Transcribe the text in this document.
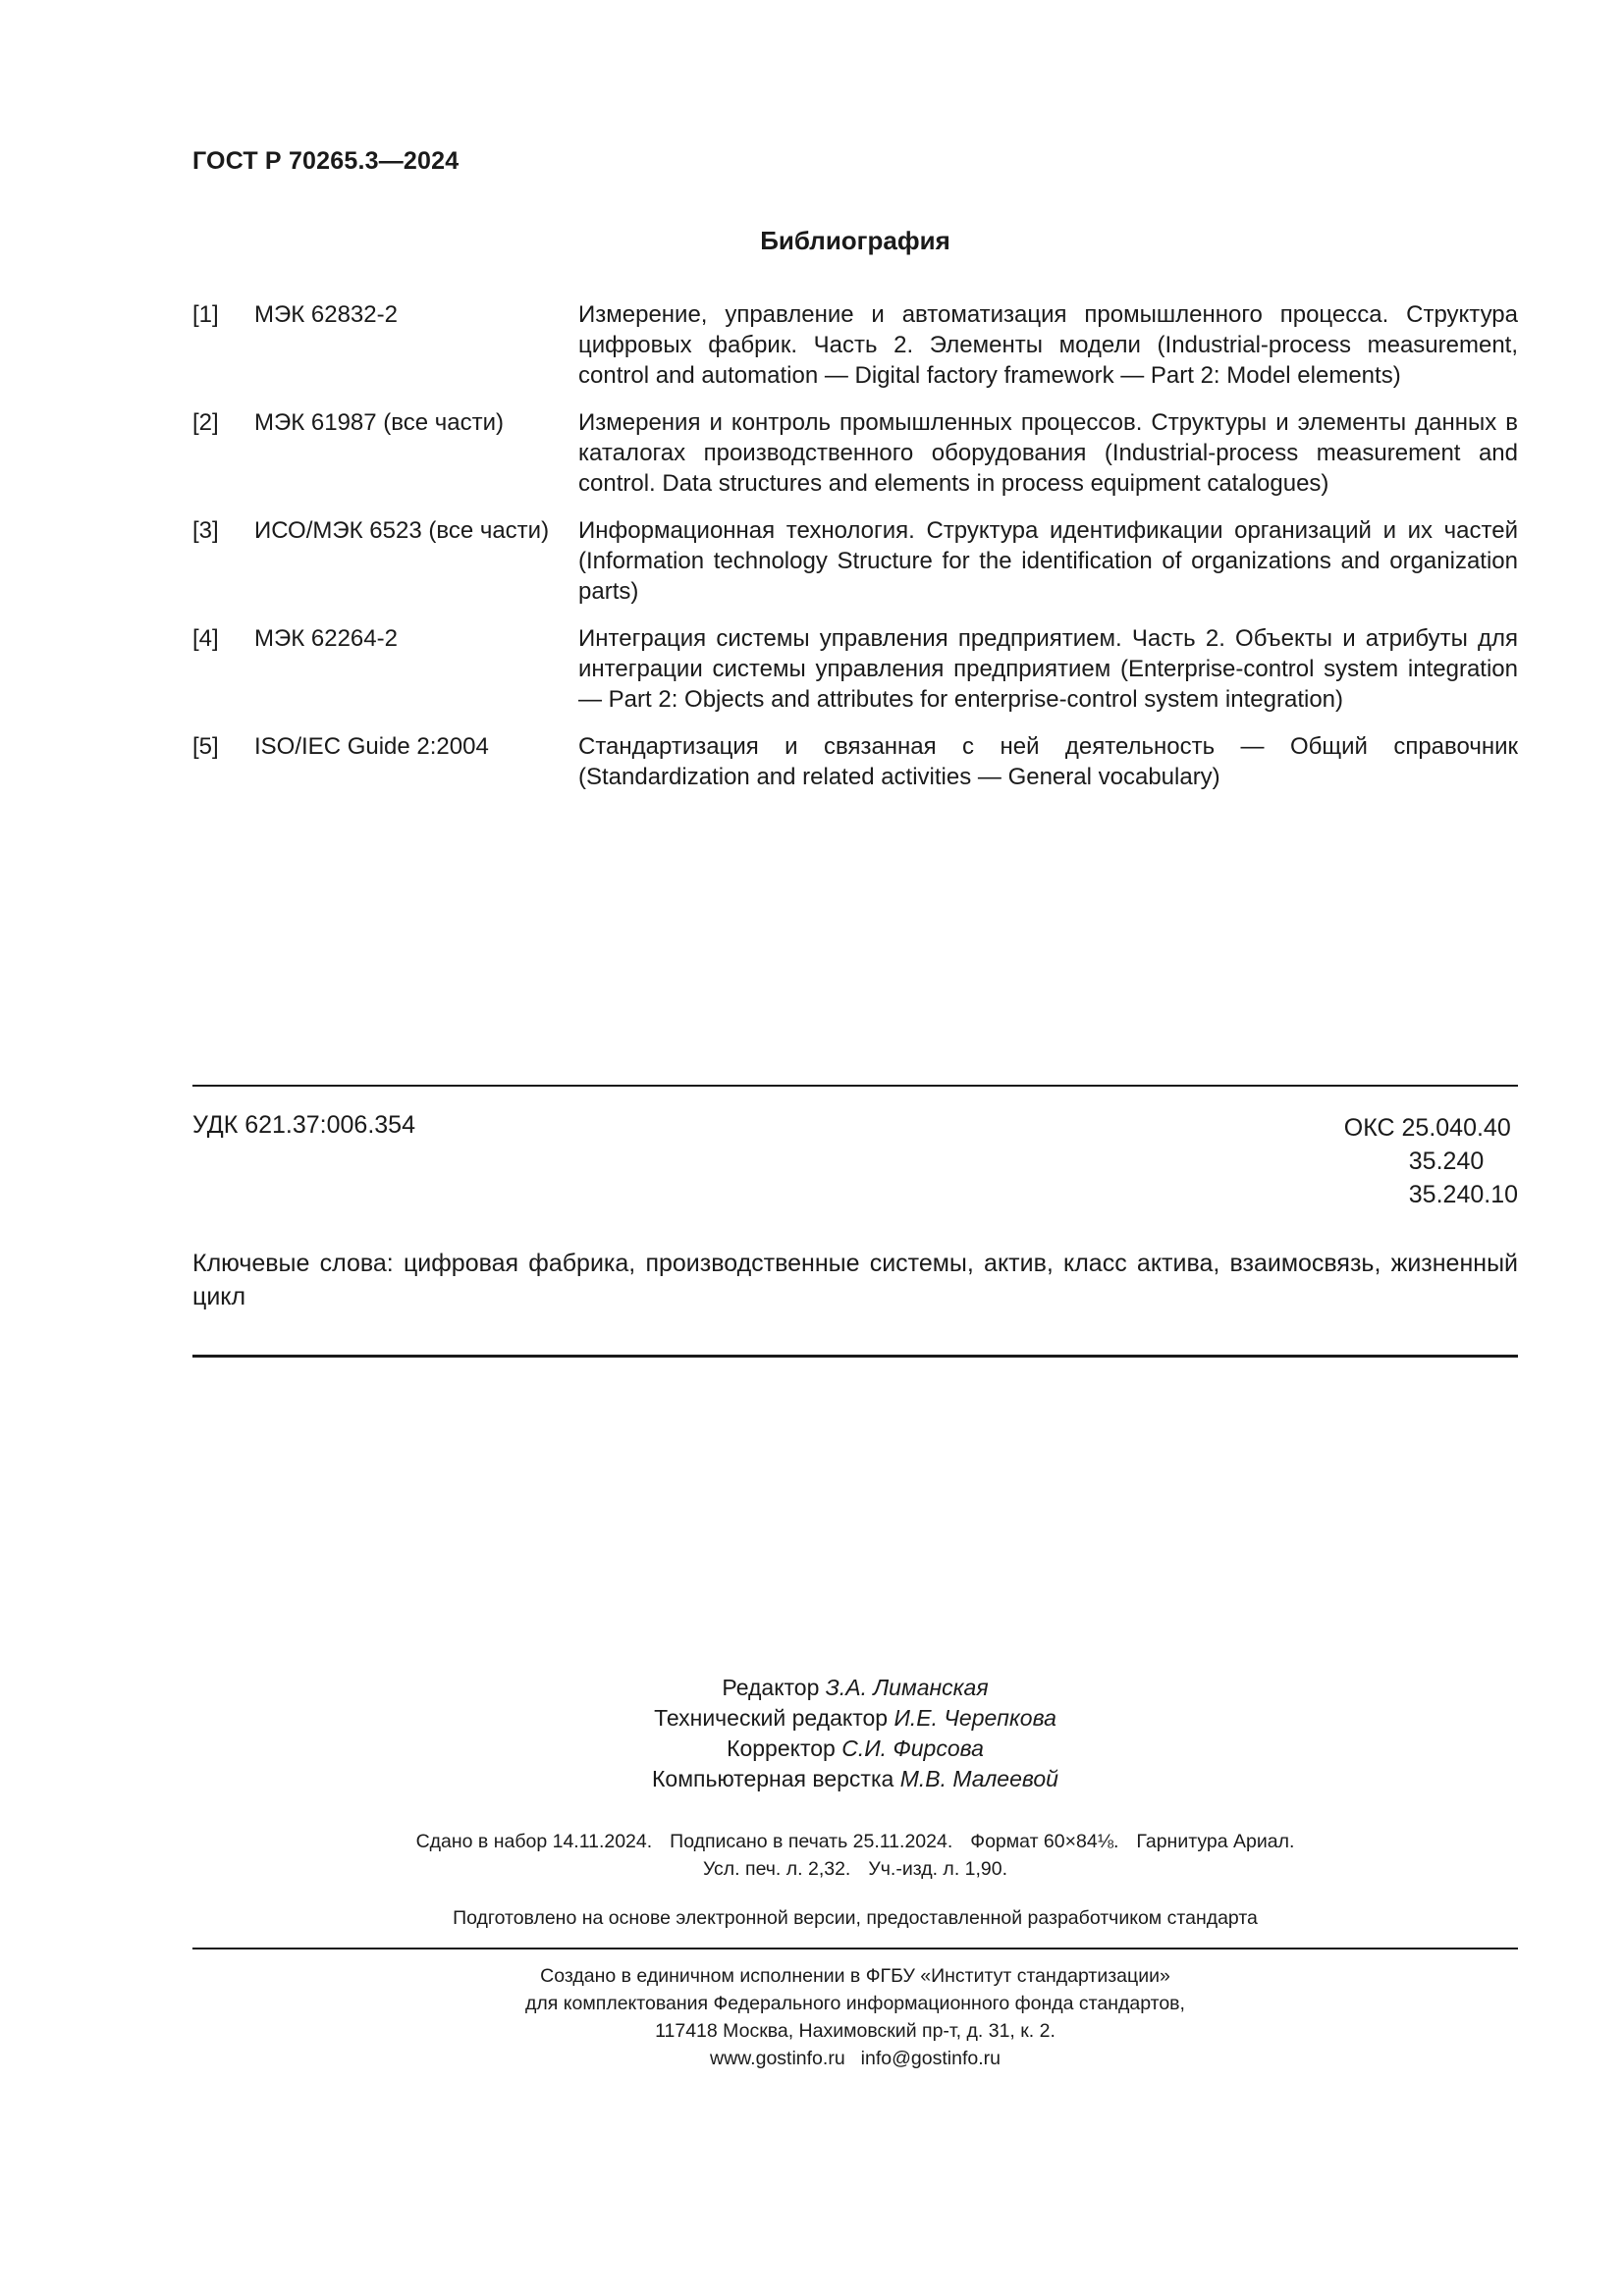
ГОСТ Р 70265.3—2024
Библиография
[1]	МЭК 62832-2	Измерение, управление и автоматизация промышленного процесса. Структура цифровых фабрик. Часть 2. Элементы модели (Industrial-process measurement, control and automation — Digital factory framework — Part 2: Model elements)
[2]	МЭК 61987 (все части)	Измерения и контроль промышленных процессов. Структуры и элементы данных в каталогах производственного оборудования (Industrial-process measurement and control. Data structures and elements in process equipment catalogues)
[3]	ИСО/МЭК 6523 (все части)	Информационная технология. Структура идентификации организаций и их частей (Information technology Structure for the identification of organizations and organization parts)
[4]	МЭК 62264-2	Интеграция системы управления предприятием. Часть 2. Объекты и атрибуты для интеграции системы управления предприятием (Enterprise-control system integration — Part 2: Objects and attributes for enterprise-control system integration)
[5]	ISO/IEC Guide 2:2004	Стандартизация и связанная с ней деятельность — Общий справочник (Standardization and related activities — General vocabulary)
УДК 621.37:006.354	ОКС 25.040.40
35.240
35.240.10
Ключевые слова: цифровая фабрика, производственные системы, актив, класс актива, взаимосвязь, жизненный цикл
Редактор З.А. Лиманская
Технический редактор И.Е. Черепкова
Корректор С.И. Фирсова
Компьютерная верстка М.В. Малеевой
Сдано в набор 14.11.2024. Подписано в печать 25.11.2024. Формат 60×84⅛. Гарнитура Ариал.
Усл. печ. л. 2,32. Уч.-изд. л. 1,90.
Подготовлено на основе электронной версии, предоставленной разработчиком стандарта
Создано в единичном исполнении в ФГБУ «Институт стандартизации»
для комплектования Федерального информационного фонда стандартов,
117418 Москва, Нахимовский пр-т, д. 31, к. 2.
www.gostinfo.ru info@gostinfo.ru
